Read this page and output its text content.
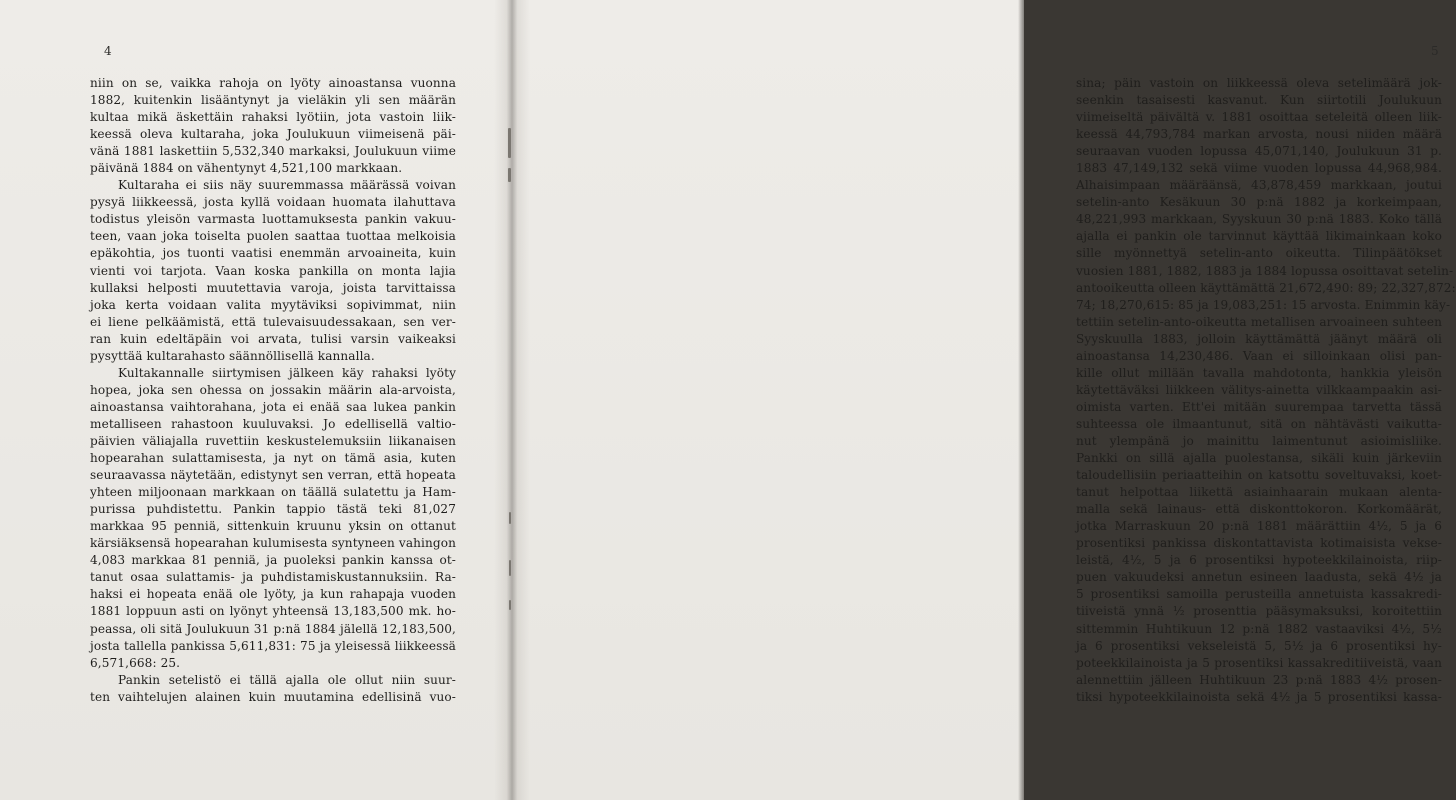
4
niin on se, vaikka rahoja on lyöty ainoastansa vuonna
1882, kuitenkin lisääntynyt ja vieläkin yli sen määrän
kultaa mikä äskettäin rahaksi lyötiin, jota vastoin liik-
keessä oleva kultaraha, joka Joulukuun viimeisenä päi-
vänä 1881 laskettiin 5,532,340 markaksi, Joulukuun viime
päivänä 1884 on vähentynyt 4,521,100 markkaan.
Kultaraha ei siis näy suuremmassa määrässä voivan
pysyä liikkeessä, josta kyllä voidaan huomata ilahuttava
todistus yleisön varmasta luottamuksesta pankin vakuu-
teen, vaan joka toiselta puolen saattaa tuottaa melkoisia
epäkohtia, jos tuonti vaatisi enemmän arvoaineita, kuin
vienti voi tarjota. Vaan koska pankilla on monta lajia
kullaksi helposti muutettavia varoja, joista tarvittaissa
joka kerta voidaan valita myytäviksi sopivimmat, niin
ei liene pelkäämistä, että tulevaisuudessakaan, sen ver-
ran kuin edeltäpäin voi arvata, tulisi varsin vaikeaksi
pysyttää kultarahasto säännöllisellä kannalla.
Kultakannalle siirtymisen jälkeen käy rahaksi lyöty
hopea, joka sen ohessa on jossakin määrin ala-arvoista,
ainoastansa vaihtorahana, jota ei enää saa lukea pankin
metalliseen rahastoon kuuluvaksi. Jo edellisellä valtio-
päivien väliajalla ruvettiin keskustelemuksiin liikanaisen
hopearahan sulattamisesta, ja nyt on tämä asia, kuten
seuraavassa näytetään, edistynyt sen verran, että hopeata
yhteen miljoonaan markkaan on täällä sulatettu ja Ham-
purissa puhdistettu. Pankin tappio tästä teki 81,027
markkaa 95 penniä, sittenkuin kruunu yksin on ottanut
kärsiäksensä hopearahan kulumisesta syntyneen vahingon
4,083 markkaa 81 penniä, ja puoleksi pankin kanssa ot-
tanut osaa sulattamis- ja puhdistamiskustannuksiin. Ra-
haksi ei hopeata enää ole lyöty, ja kun rahapaja vuoden
1881 loppuun asti on lyönyt yhteensä 13,183,500 mk. ho-
peassa, oli sitä Joulukuun 31 p:nä 1884 jälellä 12,183,500,
josta tallella pankissa 5,611,831: 75 ja yleisessä liikkeessä
6,571,668: 25.
Pankin setelistö ei tällä ajalla ole ollut niin suur-
ten vaihtelujen alainen kuin muutamina edellisinä vuo-
5
sina; päin vastoin on liikkeessä oleva setelimäärä jok-
seenkin tasaisesti kasvanut. Kun siirtotili Joulukuun
viimeiseltä päivältä v. 1881 osoittaa seteleitä olleen liik-
keessä 44,793,784 markan arvosta, nousi niiden määrä
seuraavan vuoden lopussa 45,071,140, Joulukuun 31 p.
1883 47,149,132 sekä viime vuoden lopussa 44,968,984.
Alhaisimpaan määräänsä, 43,878,459 markkaan, joutui
setelin-anto Kesäkuun 30 p:nä 1882 ja korkeimpaan,
48,221,993 markkaan, Syyskuun 30 p:nä 1883. Koko tällä
ajalla ei pankin ole tarvinnut käyttää likimainkaan koko
sille myönnettyä setelin-anto oikeutta. Tilinpäätökset
vuosien 1881, 1882, 1883 ja 1884 lopussa osoittavat setelin-
antooikeutta olleen käyttämättä 21,672,490: 89; 22,327,872:
74; 18,270,615: 85 ja 19,083,251: 15 arvosta. Enimmin käy-
tettiin setelin-anto-oikeutta metallisen arvoaineen suhteen
Syyskuulla 1883, jolloin käyttämättä jäänyt määrä oli
ainoastansa 14,230,486. Vaan ei silloinkaan olisi pan-
kille ollut millään tavalla mahdotonta, hankkia yleisön
käytettäväksi liikkeen välitys-ainetta vilkkaampaakin asi-
oimista varten. Ett'ei mitään suurempaa tarvetta tässä
suhteessa ole ilmaantunut, sitä on nähtävästi vaikutta-
nut ylempänä jo mainittu laimentunut asioimisliike.
Pankki on sillä ajalla puolestansa, sikäli kuin järkeviin
taloudellisiin periaatteihin on katsottu soveltuvaksi, koet-
tanut helpottaa liikettä asiainhaarain mukaan alenta-
malla sekä lainaus- että diskonttokoron. Korkomäärät,
jotka Marraskuun 20 p:nä 1881 määrättiin 4½, 5 ja 6
prosentiksi pankissa diskontattavista kotimaisista vekse-
leistä, 4½, 5 ja 6 prosentiksi hypoteekkilainoista, riip-
puen vakuudeksi annetun esineen laadusta, sekä 4½ ja
5 prosentiksi samoilla perusteilla annetuista kassakredi-
tiiveistä ynnä ½ prosenttia pääsymaksuksi, koroitettiin
sittemmin Huhtikuun 12 p:nä 1882 vastaaviksi 4½, 5½
ja 6 prosentiksi vekseleistä 5, 5½ ja 6 prosentiksi hy-
poteekkilainoista ja 5 prosentiksi kassakreditiiveistä, vaan
alennettiin jälleen Huhtikuun 23 p:nä 1883 4½ prosen-
tiksi hypoteekkilainoista sekä 4½ ja 5 prosentiksi kassa-
